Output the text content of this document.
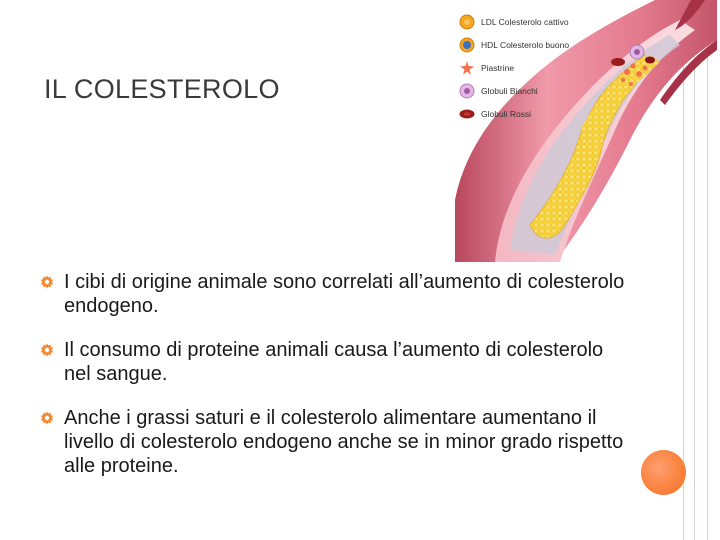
IL COLESTEROLO
LDL Colesterolo cattivo
HDL Colesterolo buono
Piastrine
Globuli Bianchi
Globuli Rossi
I cibi di origine animale sono correlati all’aumento di colesterolo endogeno.
Il consumo di proteine animali causa l’aumento di colesterolo nel sangue.
Anche i grassi saturi e il colesterolo alimentare aumentano il livello di colesterolo endogeno anche se in minor grado rispetto alle proteine.
